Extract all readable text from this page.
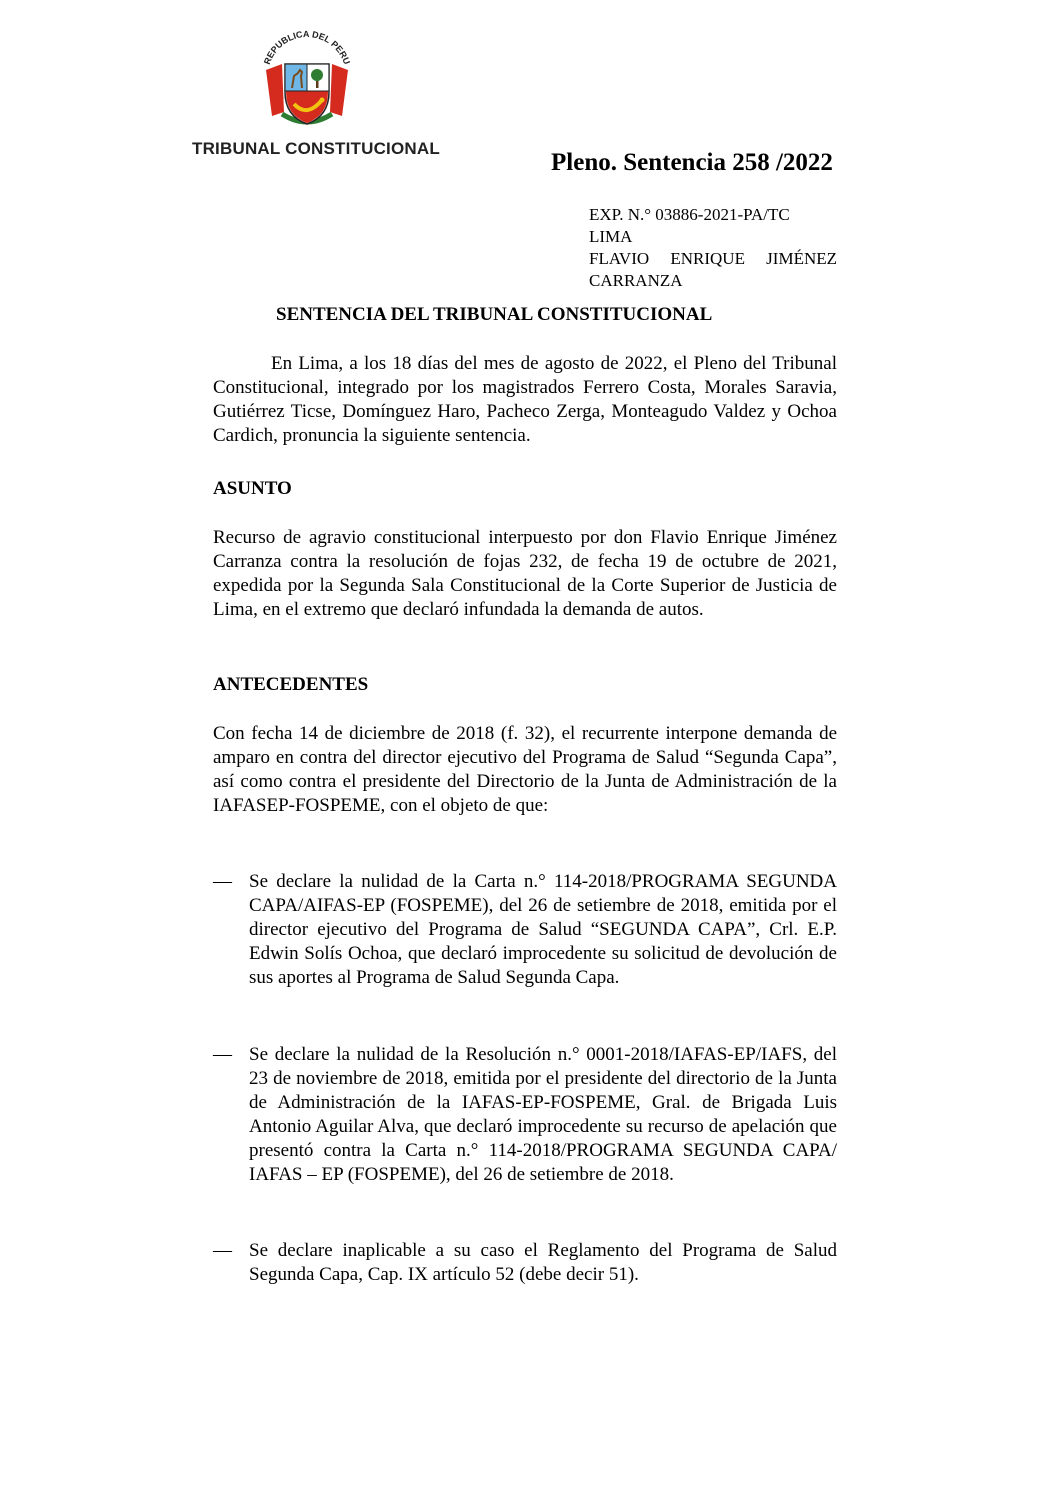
REPUBLICA DEL PERU
TRIBUNAL CONSTITUCIONAL
Pleno. Sentencia 258 /2022
EXP. N.° 03886-2021-PA/TC
LIMA
FLAVIO ENRIQUE JIMÉNEZ
CARRANZA
SENTENCIA DEL TRIBUNAL CONSTITUCIONAL
En Lima, a los 18 días del mes de agosto de 2022, el Pleno del Tribunal Constitucional, integrado por los magistrados Ferrero Costa, Morales Saravia, Gutiérrez Ticse, Domínguez Haro, Pacheco Zerga, Monteagudo Valdez y Ochoa Cardich, pronuncia la siguiente sentencia.
ASUNTO
Recurso de agravio constitucional interpuesto por don Flavio Enrique Jiménez Carranza contra la resolución de fojas 232, de fecha 19 de octubre de 2021, expedida por la Segunda Sala Constitucional de la Corte Superior de Justicia de Lima, en el extremo que declaró infundada la demanda de autos.
ANTECEDENTES
Con fecha 14 de diciembre de 2018 (f. 32), el recurrente interpone demanda de amparo en contra del director ejecutivo del Programa de Salud “Segunda Capa”, así como contra el presidente del Directorio de la Junta de Administración de la IAFASEP-FOSPEME, con el objeto de que:
— Se declare la nulidad de la Carta n.° 114-2018/PROGRAMA SEGUNDA CAPA/AIFAS-EP (FOSPEME), del 26 de setiembre de 2018, emitida por el director ejecutivo del Programa de Salud “SEGUNDA CAPA”, Crl. E.P. Edwin Solís Ochoa, que declaró improcedente su solicitud de devolución de sus aportes al Programa de Salud Segunda Capa.
— Se declare la nulidad de la Resolución n.° 0001-2018/IAFAS-EP/IAFS, del 23 de noviembre de 2018, emitida por el presidente del directorio de la Junta de Administración de la IAFAS-EP-FOSPEME, Gral. de Brigada Luis Antonio Aguilar Alva, que declaró improcedente su recurso de apelación que presentó contra la Carta n.° 114-2018/PROGRAMA SEGUNDA CAPA/ IAFAS – EP (FOSPEME), del 26 de setiembre de 2018.
— Se declare inaplicable a su caso el Reglamento del Programa de Salud Segunda Capa, Cap. IX artículo 52 (debe decir 51).
